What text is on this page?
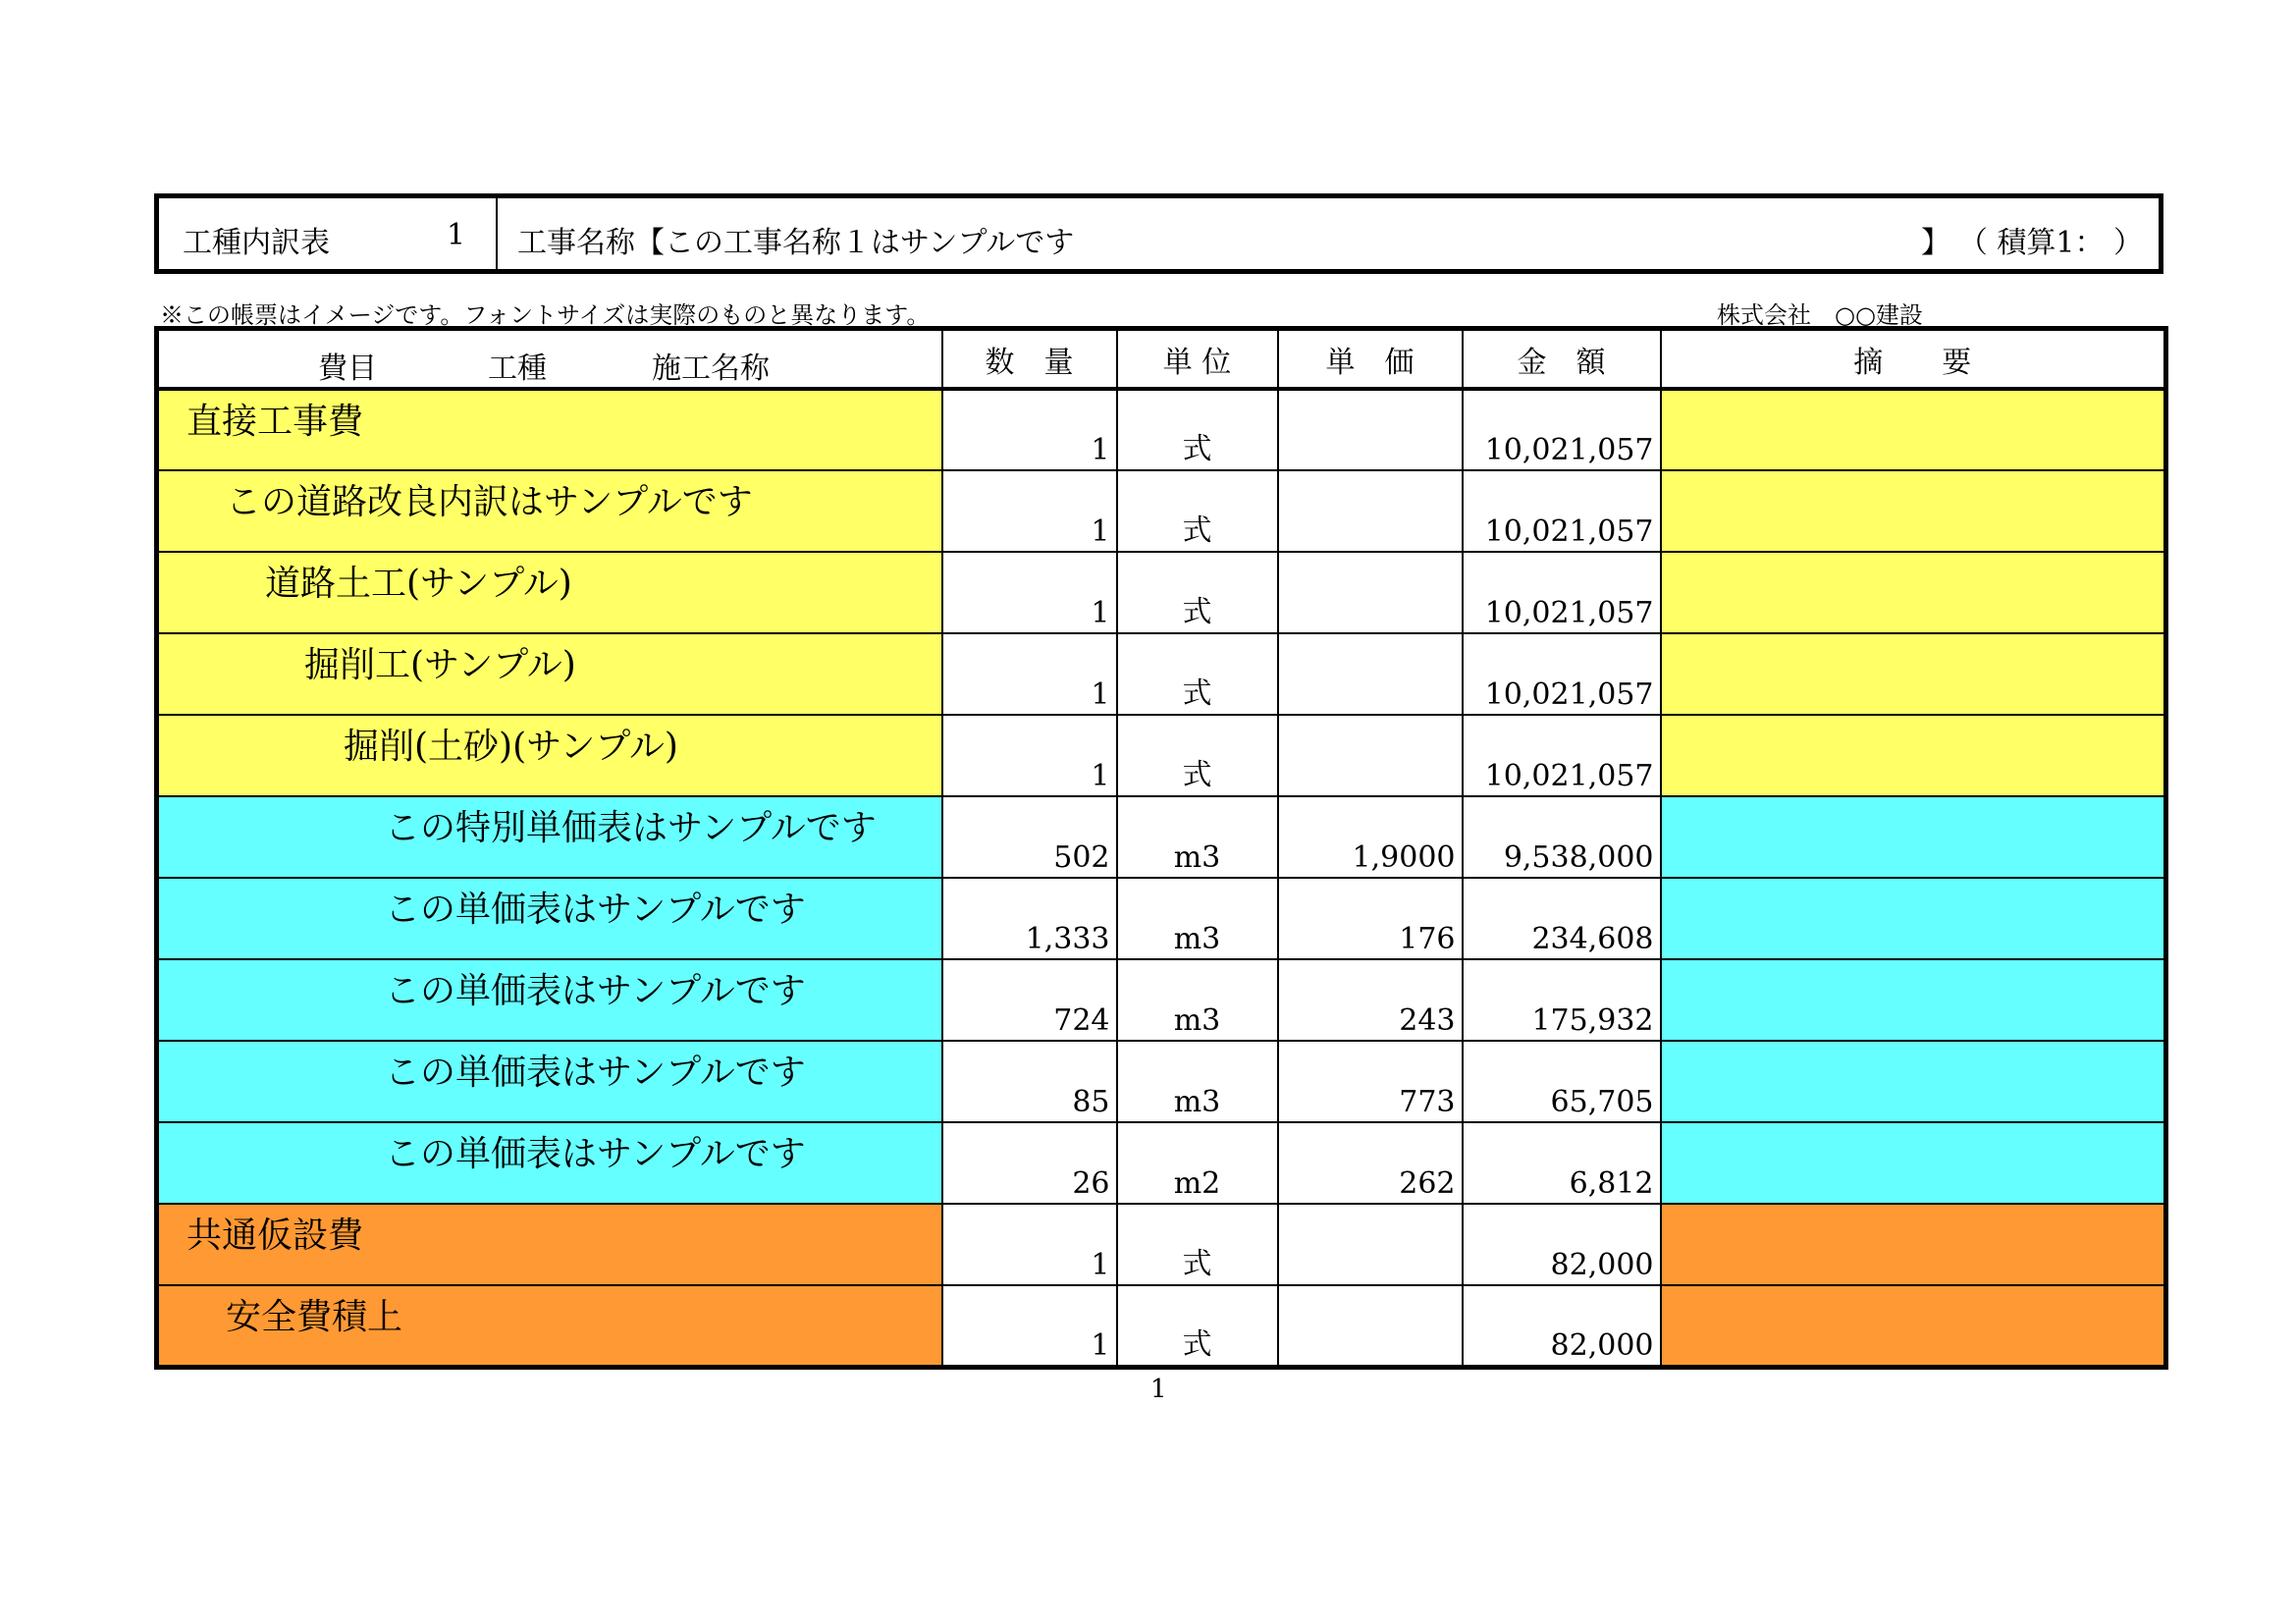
工種内訳表	1 工事名称【この工事名称１はサンプルです	】 （ 積算1： ）
※この帳票はイメージです。フォントサイズは実際のものと異なります。	株式会社　○○建設
費目 工種 施工名称	数　量	単 位	単　価	金　額	摘　　要

直接工事費	1	式		10,021,057	

この道路改良内訳はサンプルです	1	式		10,021,057	

道路土工(サンプル)	1	式		10,021,057	

掘削工(サンプル)	1	式		10,021,057	

掘削(土砂)(サンプル)	1	式		10,021,057	

この特別単価表はサンプルです	502	m3	1,9000	9,538,000	

この単価表はサンプルです	1,333	m3	176	234,608	

この単価表はサンプルです	724	m3	243	175,932	

この単価表はサンプルです	85	m3	773	65,705	

この単価表はサンプルです	26	m2	262	6,812	

共通仮設費	1	式		82,000	

安全費積上	1	式		82,000	
1
